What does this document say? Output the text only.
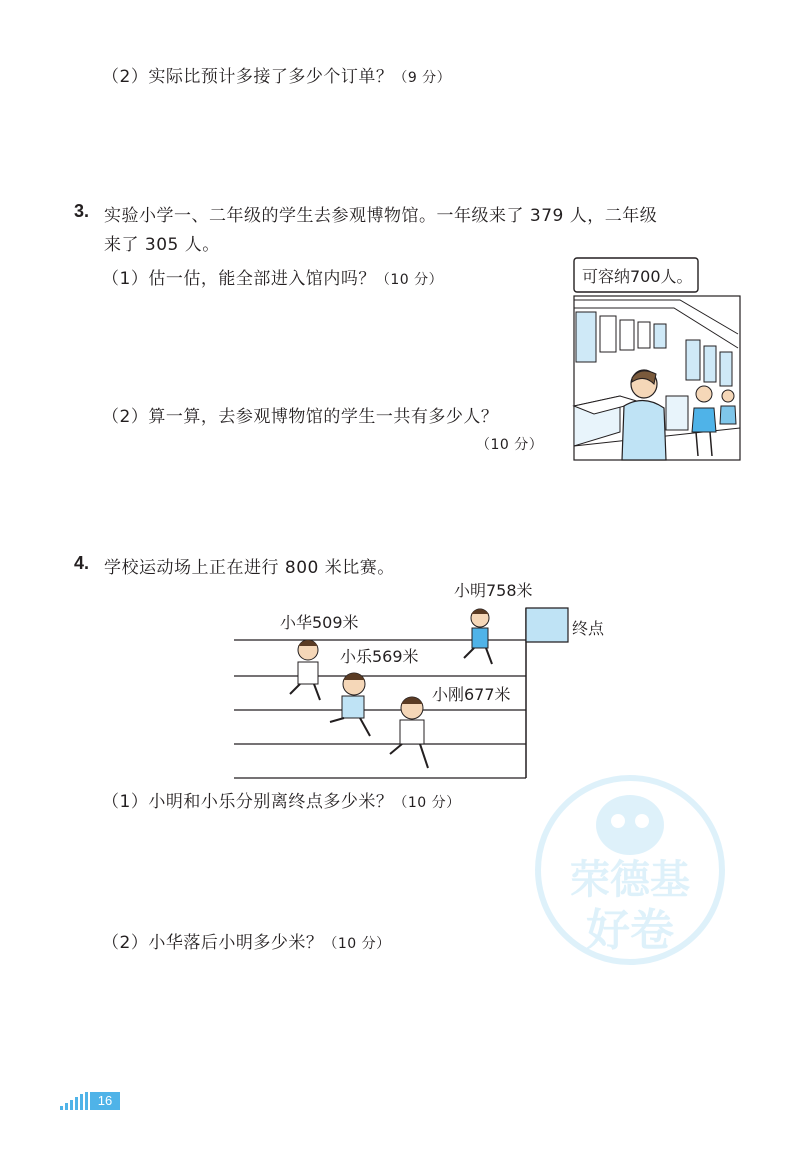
（2）实际比预计多接了多少个订单？（9 分）
3. 实验小学一、二年级的学生去参观博物馆。一年级来了 379 人，二年级
来了 305 人。
（1）估一估，能全部进入馆内吗？（10 分）
（2）算一算，去参观博物馆的学生一共有多少人？
（10 分）
可容纳700人。
4. 学校运动场上正在进行 800 米比赛。
终点
小明758米
小华509米
小乐569米
小刚677米
（1）小明和小乐分别离终点多少米？（10 分）
（2）小华落后小明多少米？（10 分）
荣德基
好卷
16
